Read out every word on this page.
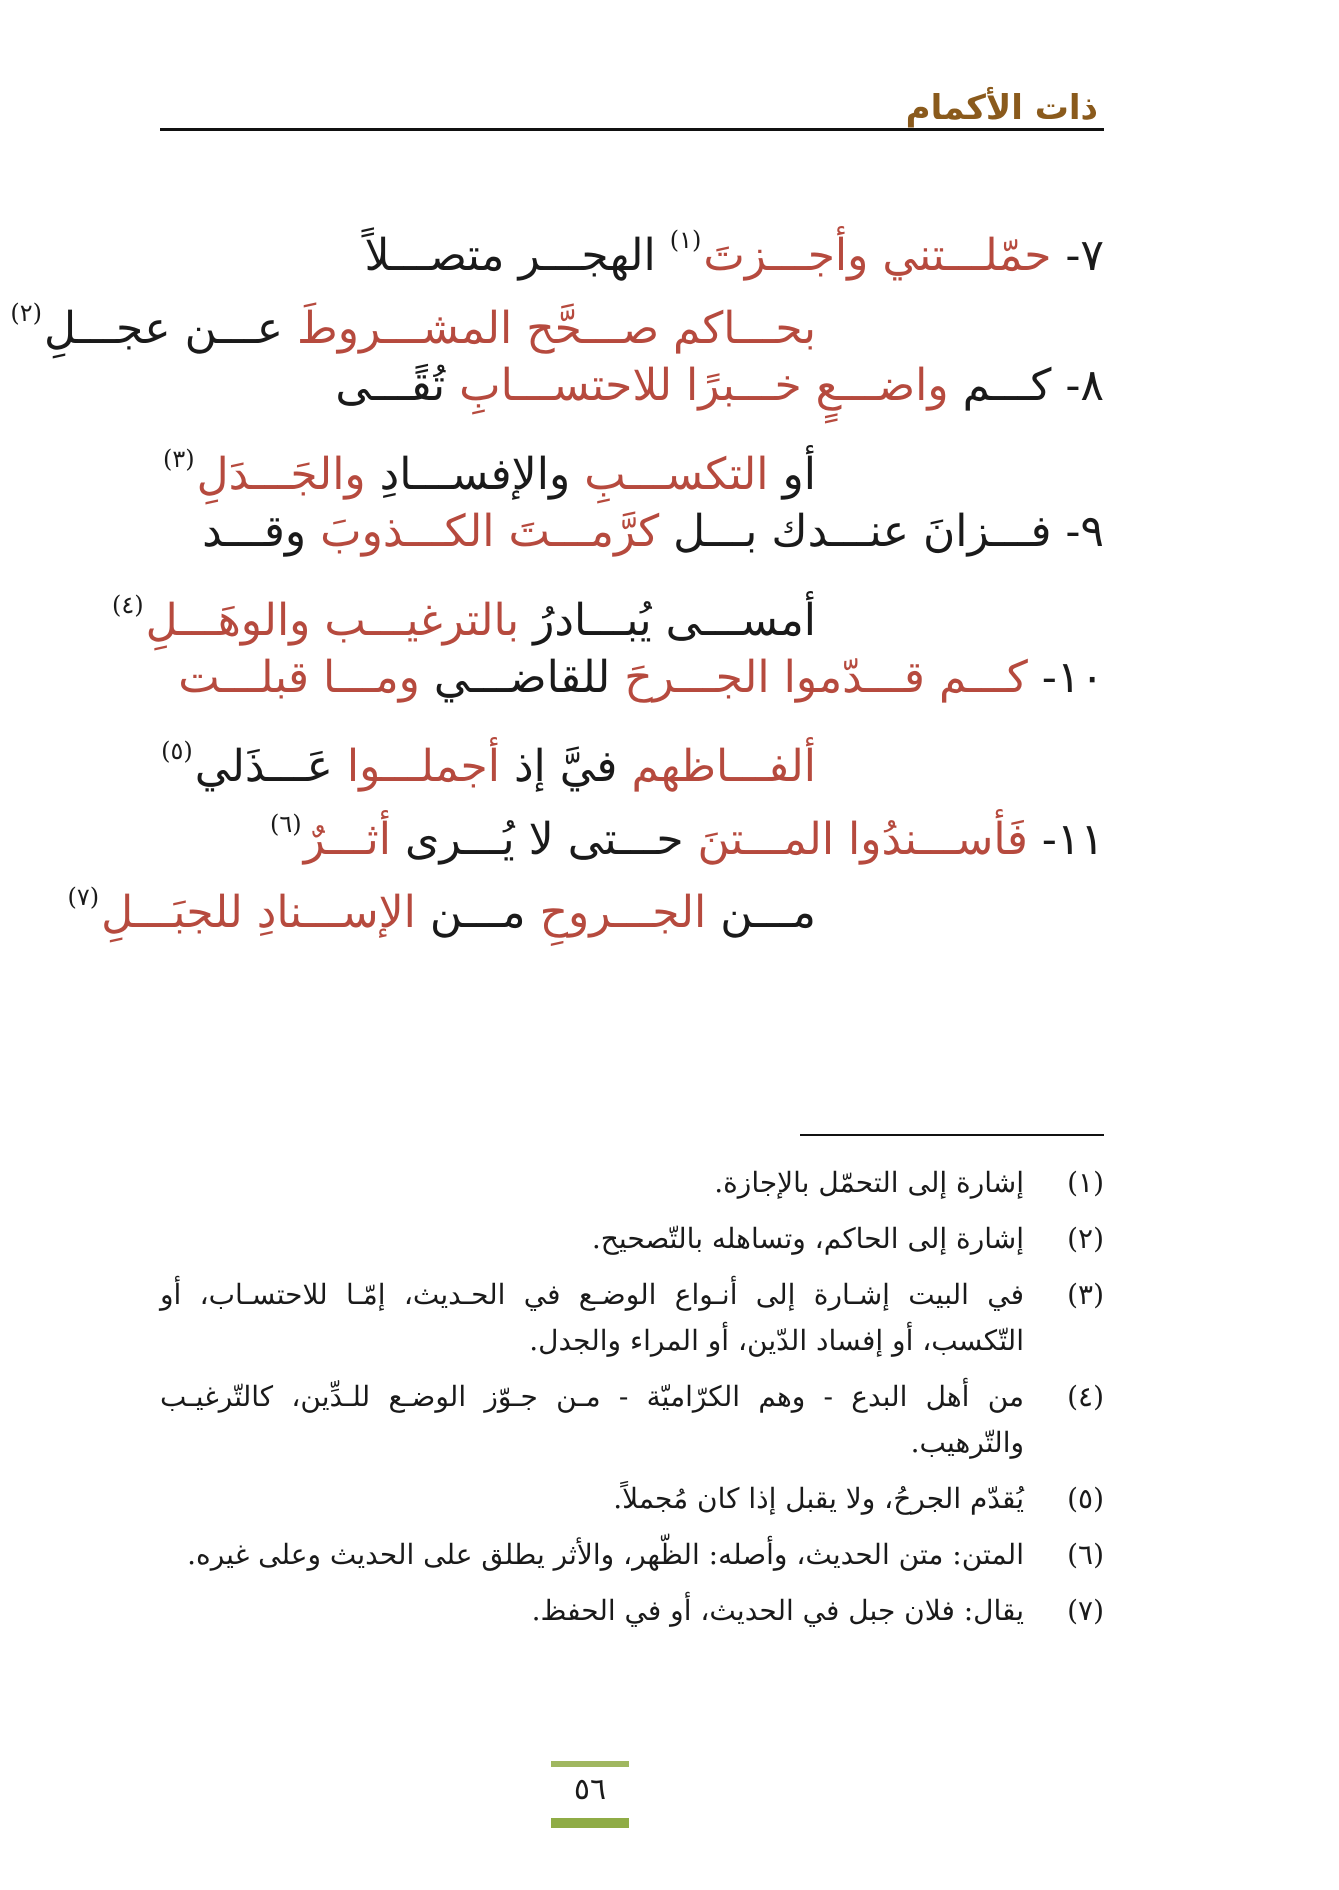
ذات الأكمام
٧-حمّلـــتني وأجـــزت$^{(١)}$ الهجـــر متصـــلاً
بحـــاكم صـــحَّح المشـــروطَ عـــن عجـــلِ$^{(٢)}$
٨-كـــم واضـــعٍ خـــبرًا للاحتســـابِ تُقًـــى
أو التكســـبِ والإفســـادِ والجَـــدَلِ$^{(٣)}$
٩-فـــزانَ عنـــدك بـــل كرَّمـــتَ الكـــذوبَ وقـــد
أمســـى يُبـــادرُ بالترغيـــب والوهَـــلِ$^{(٤)}$
١٠-كـــم قـــدّموا الجـــرحَ للقاضـــي ومـــا قبلـــت
ألفـــاظهم فيَّ إذ أجملـــوا عَـــذَلي$^{(٥)}$
١١-فَأســـندُوا المـــتنَ حـــتى لا يُـــرى أثـــرٌ$^{(٦)}$
مـــن الجـــروحِ مـــن الإســـنادِ للجبَـــلِ$^{(٧)}$
(١)
إشارة إلى التحمّل بالإجازة.
(٢)
إشارة إلى الحاكم، وتساهله بالتّصحيح.
(٣)
في البيت إشـارة إلى أنـواع الوضـع في الحـديث، إمّـا للاحتسـاب، أو التّكسب، أو إفساد الدّين، أو المراء والجدل.
(٤)
من أهل البدع - وهم الكرّاميّة - مـن جـوّز الوضـع للـدِّين، كالتّرغيـب والتّرهيب.
(٥)
يُقدّم الجرحُ، ولا يقبل إذا كان مُجملاً.
(٦)
المتن: متن الحديث، وأصله: الظّهر، والأثر يطلق على الحديث وعلى غيره.
(٧)
يقال: فلان جبل في الحديث، أو في الحفظ.
٥٦
